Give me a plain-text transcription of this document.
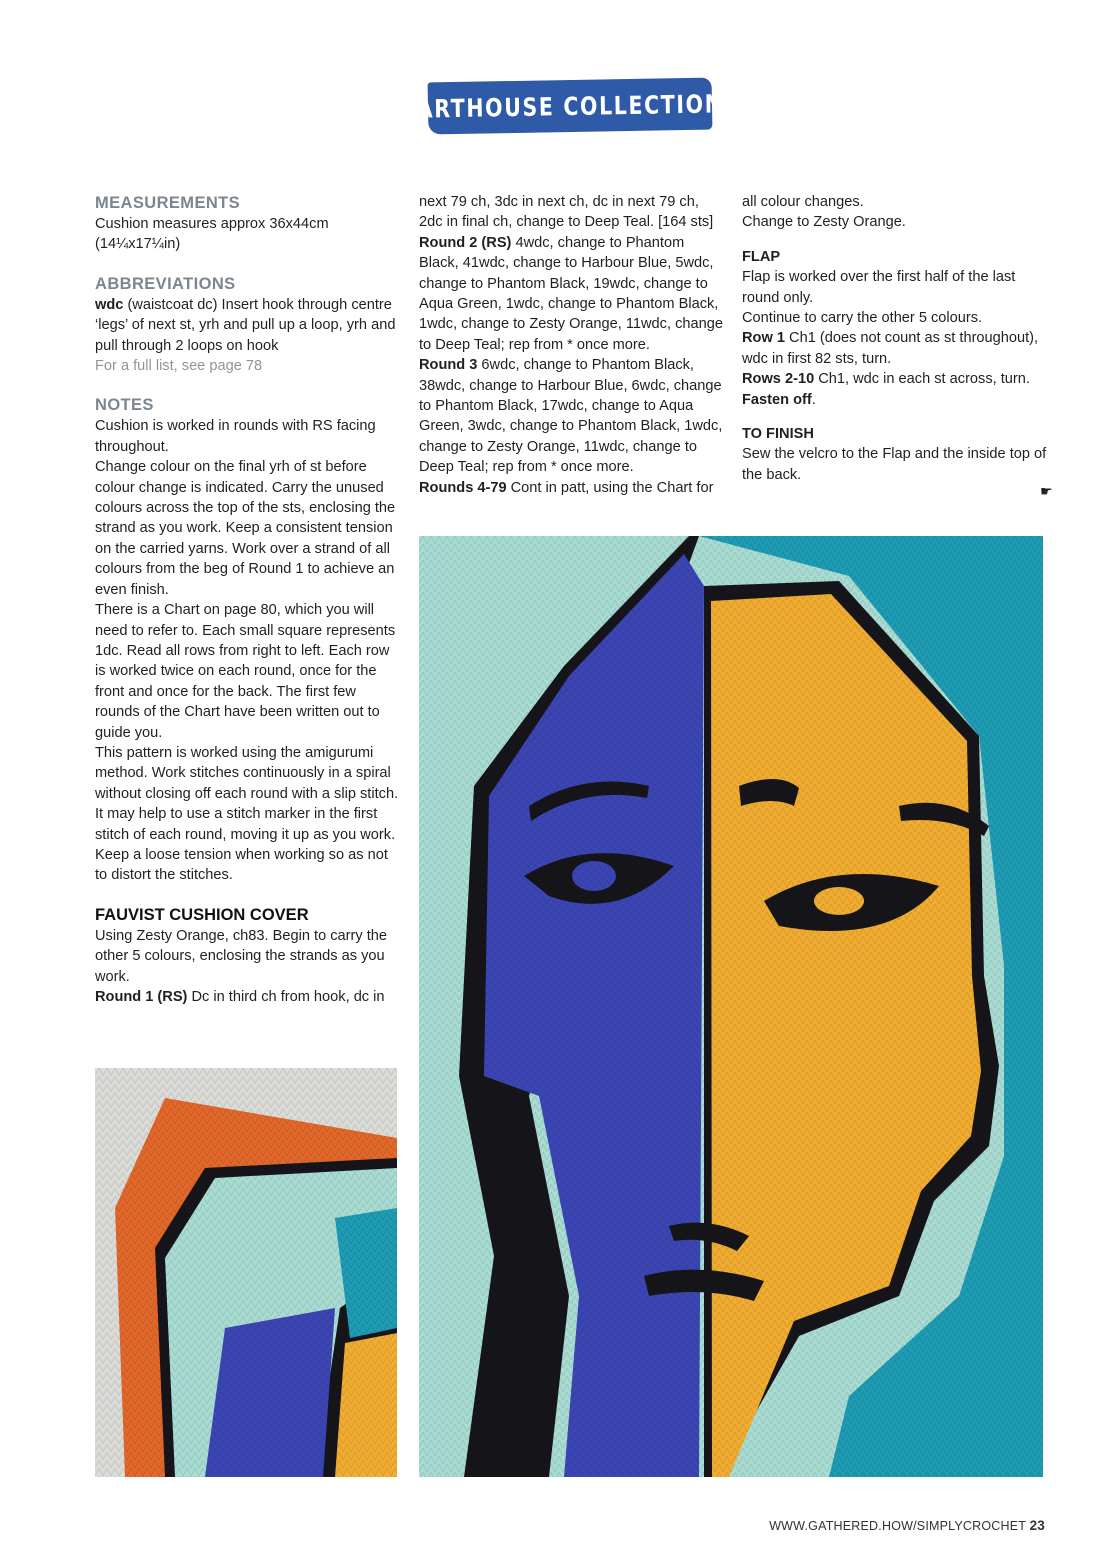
ARTHOUSE COLLECTION
MEASUREMENTS

Cushion measures approx 36x44cm (14¼x17¼in)

ABBREVIATIONS

wdc (waistcoat dc) Insert hook through centre ‘legs’ of next st, yrh and pull up a loop, yrh and pull through 2 loops on hook

For a full list, see page 78

NOTES

Cushion is worked in rounds with RS facing throughout.

Change colour on the final yrh of st before colour change is indicated. Carry the unused colours across the top of the sts, enclosing the strand as you work. Keep a consistent tension on the carried yarns. Work over a strand of all colours from the beg of Round 1 to achieve an even finish.

There is a Chart on page 80, which you will need to refer to. Each small square represents 1dc. Read all rows from right to left. Each row is worked twice on each round, once for the front and once for the back. The first few rounds of the Chart have been written out to guide you.

This pattern is worked using the amigurumi method. Work stitches continuously in a spiral without closing off each round with a slip stitch. It may help to use a stitch marker in the first stitch of each round, moving it up as you work.

Keep a loose tension when working so as not to distort the stitches.

FAUVIST CUSHION COVER

Using Zesty Orange, ch83. Begin to carry the other 5 colours, enclosing the strands as you work.

Round 1 (RS) Dc in third ch from hook, dc in

next 79 ch, 3dc in next ch, dc in next 79 ch, 2dc in final ch, change to Deep Teal. [164 sts]

Round 2 (RS) 4wdc, change to Phantom Black, 41wdc, change to Harbour Blue, 5wdc, change to Phantom Black, 19wdc, change to Aqua Green, 1wdc, change to Phantom Black, 1wdc, change to Zesty Orange, 11wdc, change to Deep Teal; rep from * once more.

Round 3 6wdc, change to Phantom Black, 38wdc, change to Harbour Blue, 6wdc, change to Phantom Black, 17wdc, change to Aqua Green, 3wdc, change to Phantom Black, 1wdc, change to Zesty Orange, 11wdc, change to Deep Teal; rep from * once more.

Rounds 4-79 Cont in patt, using the Chart for

all colour changes.

Change to Zesty Orange.

FLAP

Flap is worked over the first half of the last round only.

Continue to carry the other 5 colours.

Row 1 Ch1 (does not count as st throughout), wdc in first 82 sts, turn.

Rows 2-10 Ch1, wdc in each st across, turn.

Fasten off.

TO FINISH

Sew the velcro to the Flap and the inside top of the back.

☛
WWW.GATHERED.HOW/SIMPLYCROCHET 23
